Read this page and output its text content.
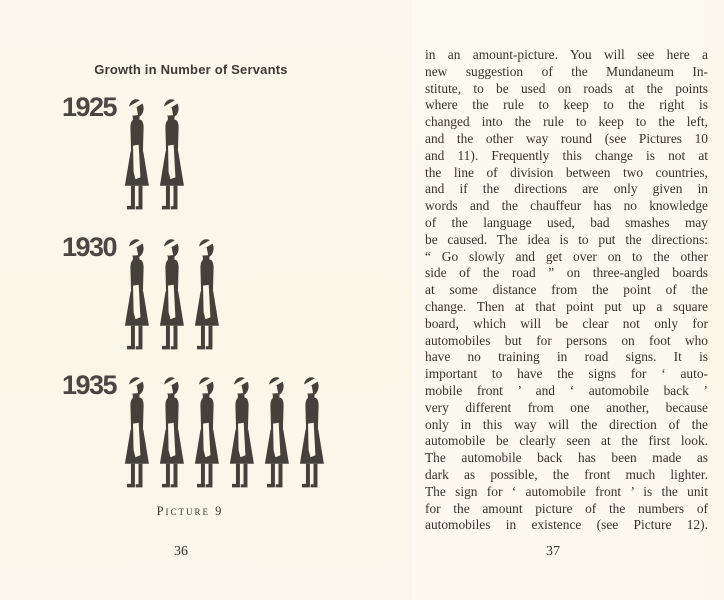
Growth in Number of Servants
1925
1930
1935
Picture 9
36
in an amount-picture. You will see here a
new suggestion of the Mundaneum In-
stitute, to be used on roads at the points
where the rule to keep to the right is
changed into the rule to keep to the left,
and the other way round (see Pictures 10
and 11). Frequently this change is not at
the line of division between two countries,
and if the directions are only given in
words and the chauffeur has no knowledge
of the language used, bad smashes may
be caused. The idea is to put the directions:
“ Go slowly and get over on to the other
side of the road ” on three-angled boards
at some distance from the point of the
change. Then at that point put up a square
board, which will be clear not only for
automobiles but for persons on foot who
have no training in road signs. It is
important to have the signs for ‘ auto-
mobile front ’ and ‘ automobile back ’
very different from one another, because
only in this way will the direction of the
automobile be clearly seen at the first look.
The automobile back has been made as
dark as possible, the front much lighter.
The sign for ‘ automobile front ’ is the unit
for the amount picture of the numbers of
automobiles in existence (see Picture 12).
37
